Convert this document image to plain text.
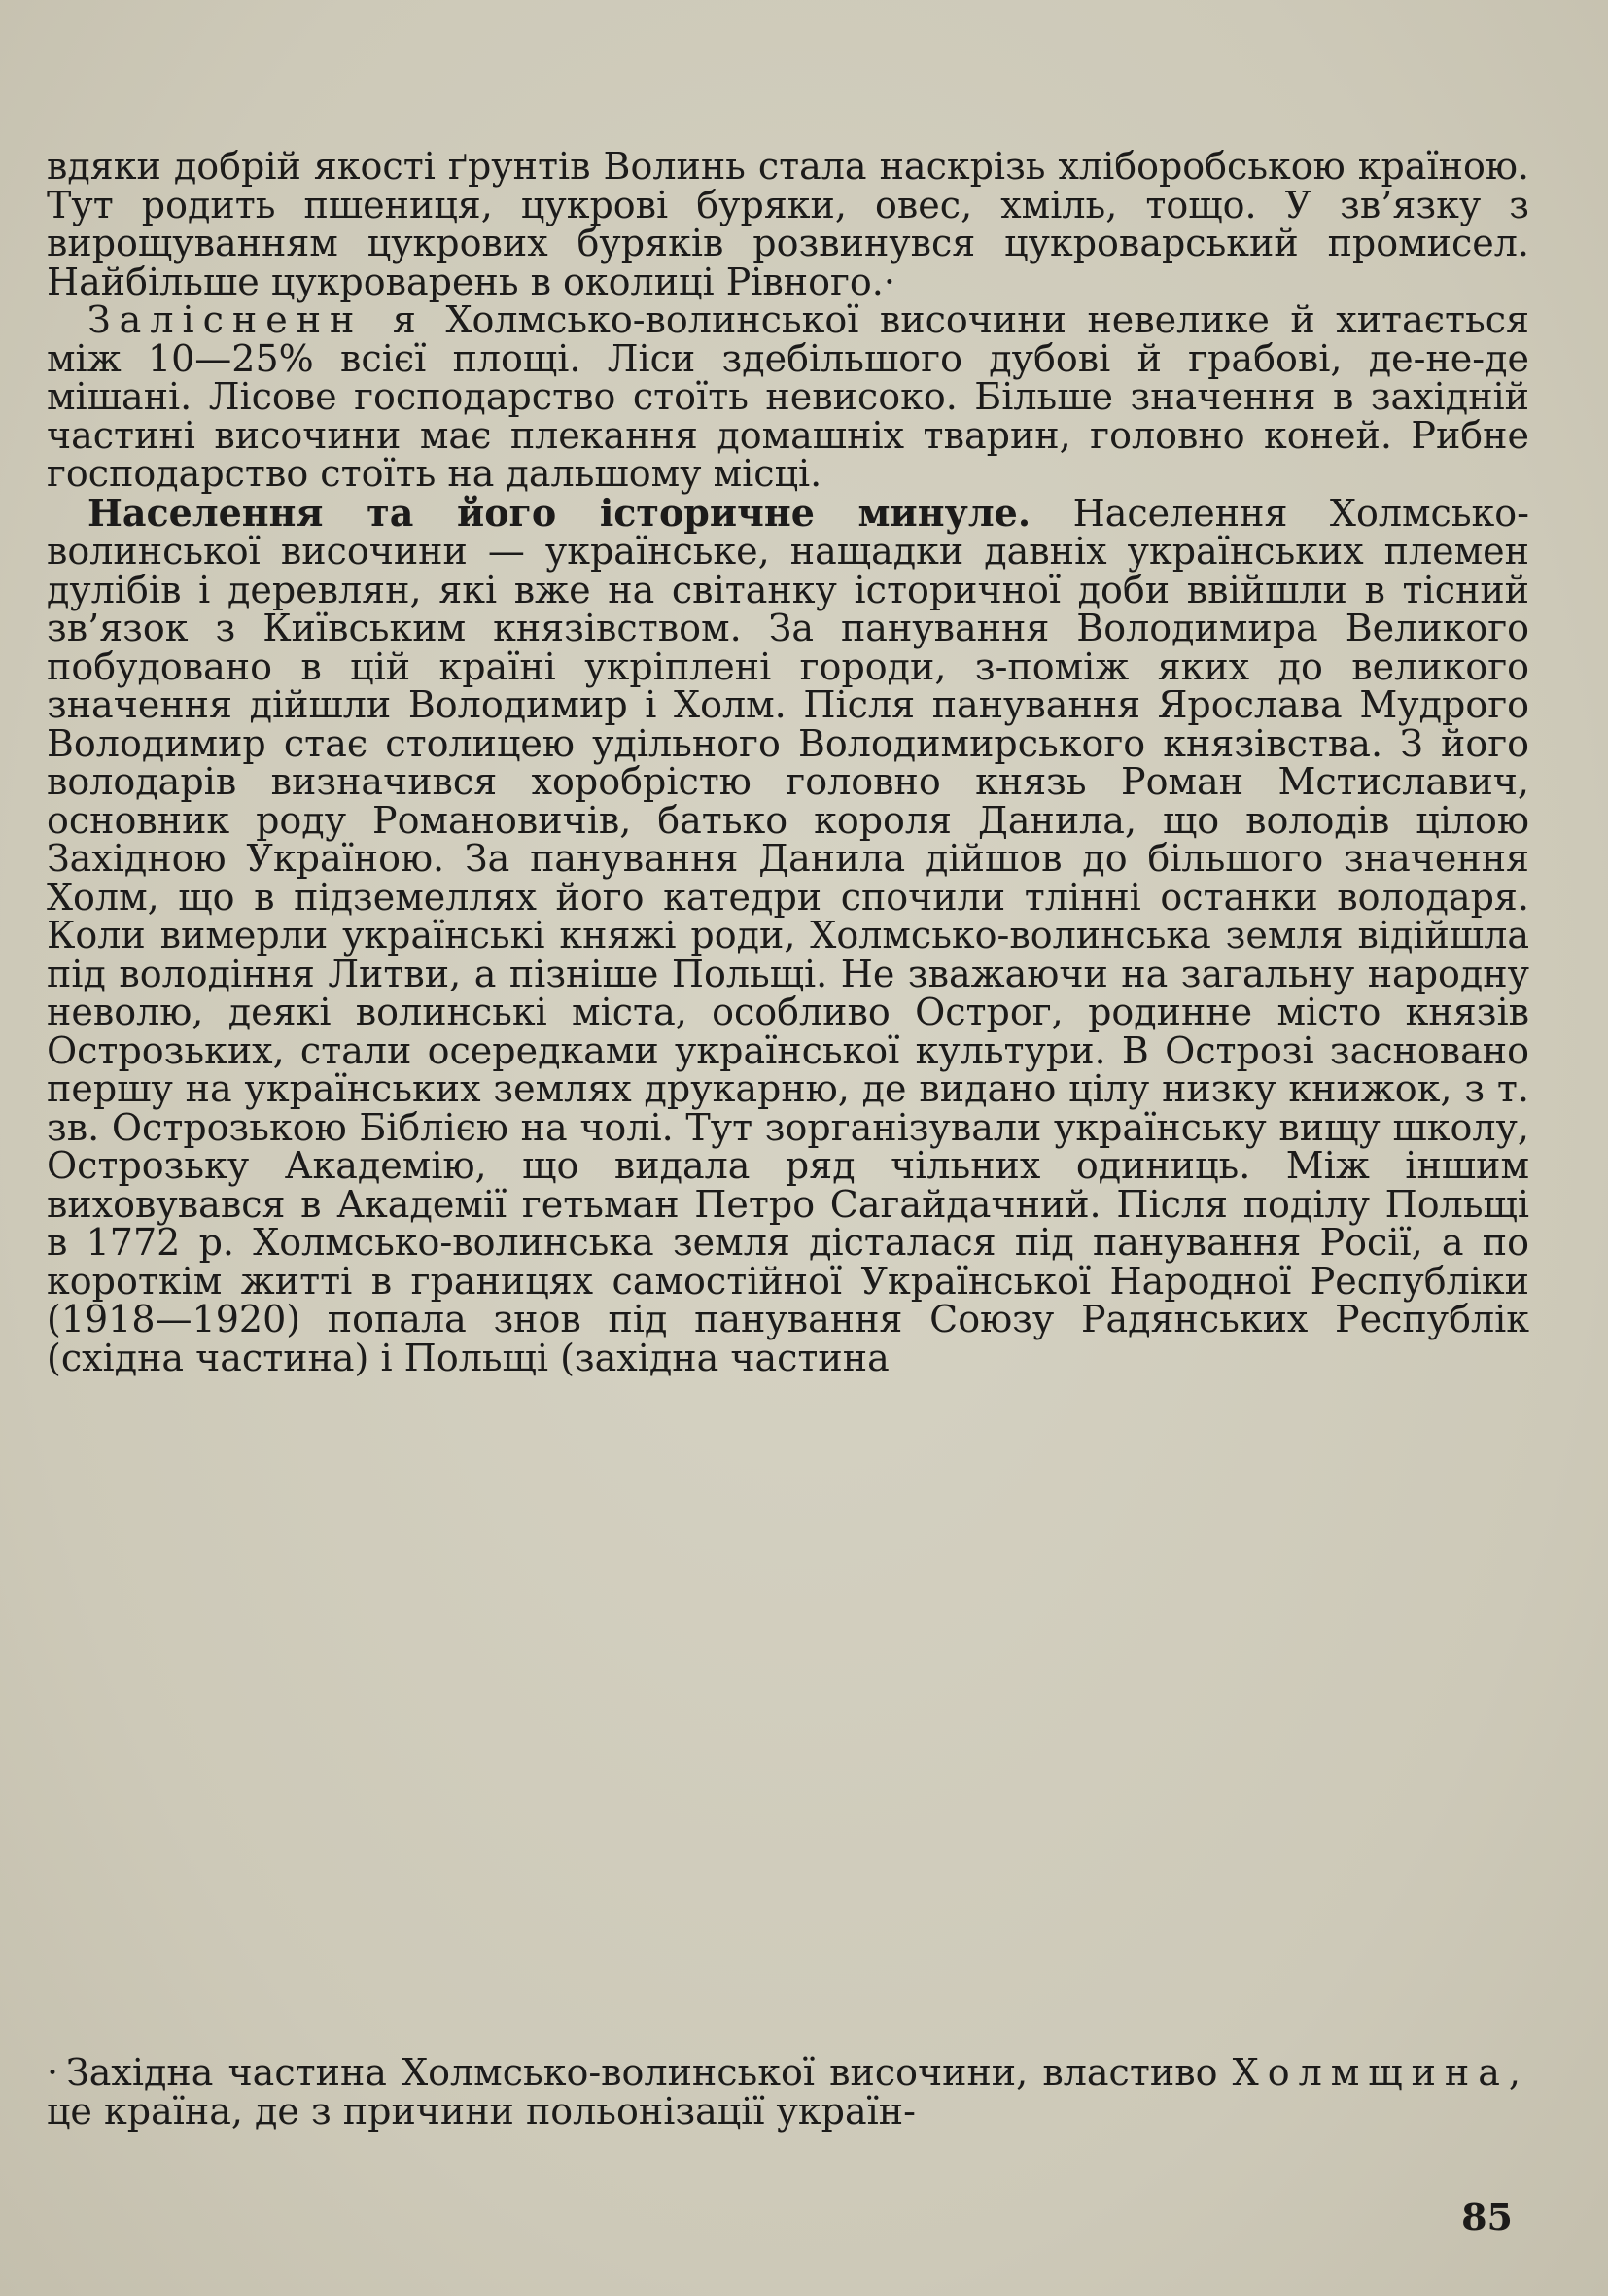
вдяки добрій якості ґрунтів Волинь стала наскрізь хліборобською країною. Тут родить пшениця, цукрові буряки, овес, хміль, тощо. У зв’язку з вирощуванням цукрових буряків розвинувся цукроварський промисел. Найбільше цукроварень в околиці Рівного.·

Залісненн я Холмсько-волинської височини невелике й хитається між 10—25% всієї площі. Ліси здебільшого дубові й грабові, де-не-де мішані. Лісове господарство стоїть невисоко. Більше значення в західній частині височини має плекання домашніх тварин, головно коней. Рибне господарство стоїть на дальшому місці.

Населення та його історичне минуле. Населення Холмсько-волинської височини — українське, нащадки давніх українських племен дулібів і деревлян, які вже на світанку історичної доби ввійшли в тісний зв’язок з Київським князівством. За панування Володимира Великого побудовано в цій країні укріплені городи, з-поміж яких до великого значення дійшли Володимир і Холм. Після панування Ярослава Мудрого Володимир стає столицею удільного Володимирського князівства. З його володарів визначився хоробрістю головно князь Роман Мстиславич, основник роду Романовичів, батько короля Данила, що володів цілою Західною Україною. За панування Данила дійшов до більшого значення Холм, що в підземеллях його катедри спочили тлінні останки володаря. Коли вимерли українські княжі роди, Холмсько-волинська земля відійшла під володіння Литви, а пізніше Польщі. Не зважаючи на загальну народну неволю, деякі волинські міста, особливо Острог, родинне місто князів Острозьких, стали осередками української культури. В Острозі засновано першу на українських землях друкарню, де видано цілу низку книжок, з т. зв. Острозькою Біблією на чолі. Тут зорганізували українську вищу школу, Острозьку Академію, що видала ряд чільних одиниць. Між іншим виховувався в Академії гетьман Петро Сагайдачний. Після поділу Польщі в 1772 р. Холмсько-волинська земля дісталася під панування Росії, а по короткім житті в границях самостійної Української Народної Республіки (1918—1920) попала знов під панування Союзу Радянських Республік (східна частина) і Польщі (західна частина

· Західна частина Холмсько-волинської височини, властиво Холмщина, це країна, де з причини польонізації україн-
85
